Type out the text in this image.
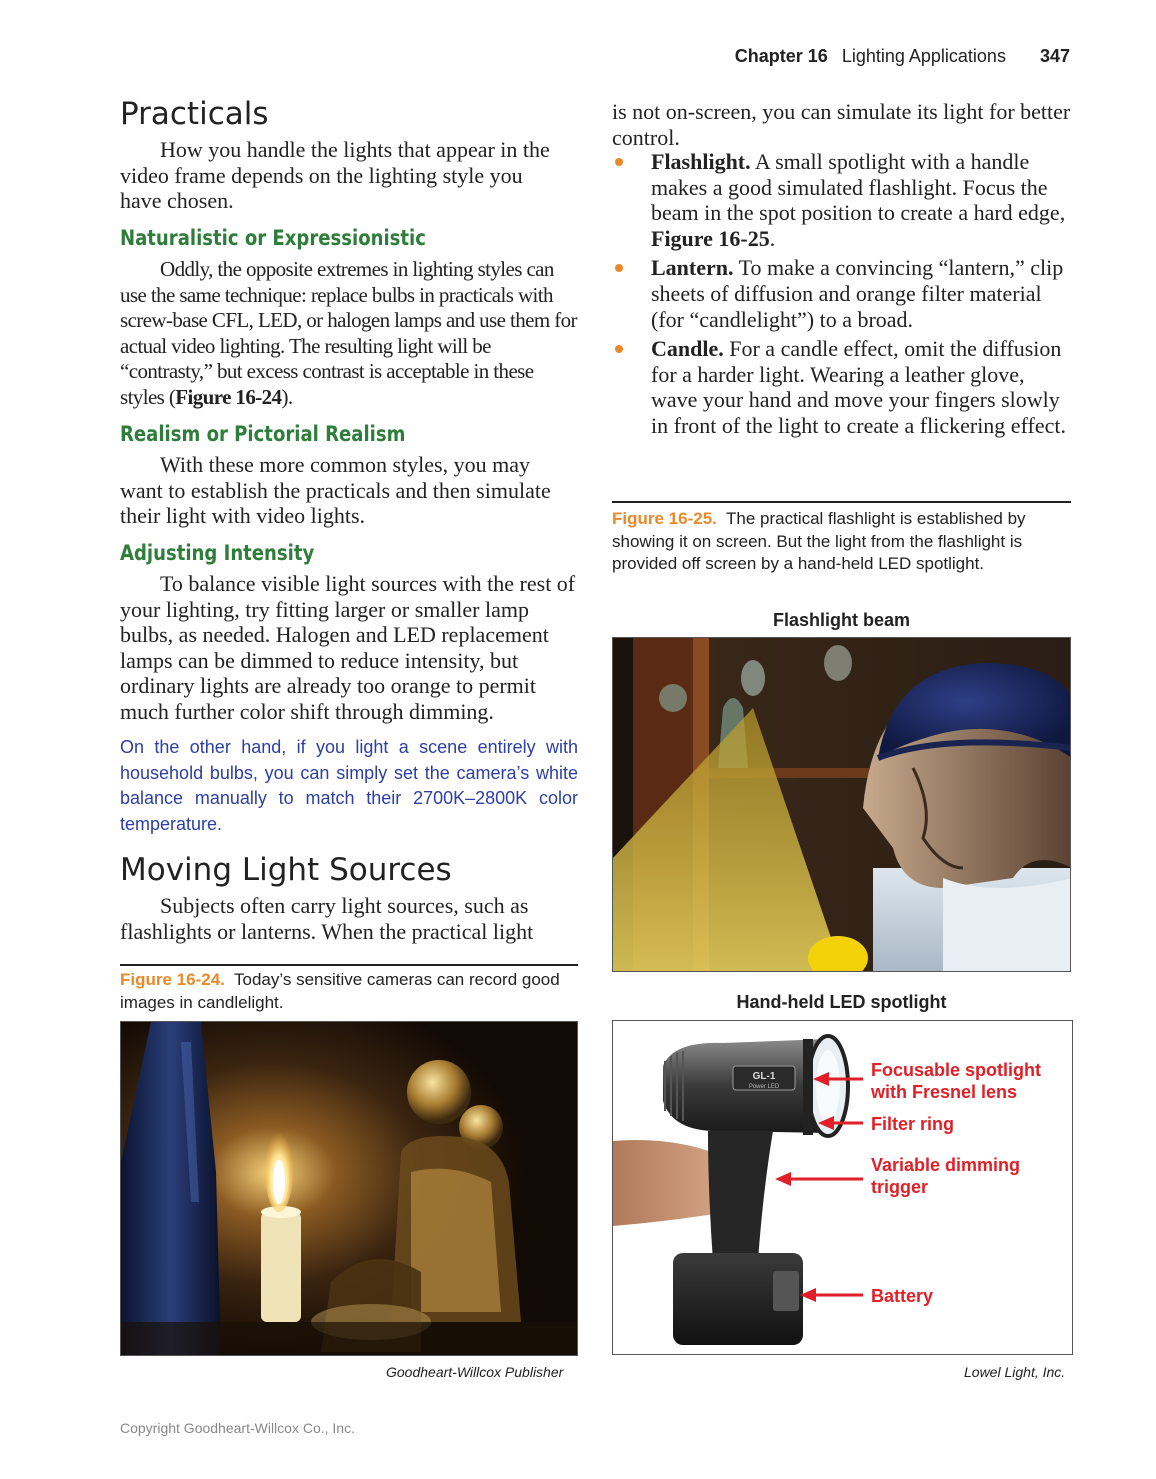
Chapter 16 Lighting Applications 347
Practicals

How you handle the lights that appear in the video frame depends on the lighting style you have chosen.

Naturalistic or Expressionistic

Oddly, the opposite extremes in lighting styles can use the same technique: replace bulbs in practicals with screw-base CFL, LED, or halogen lamps and use them for actual video lighting. The resulting light will be “contrasty,” but excess contrast is acceptable in these styles (Figure 16-24).

Realism or Pictorial Realism

With these more common styles, you may want to establish the practicals and then simulate their light with video lights.

Adjusting Intensity

To balance visible light sources with the rest of your lighting, try fitting larger or smaller lamp bulbs, as needed. Halogen and LED replacement lamps can be dimmed to reduce intensity, but ordinary lights are already too orange to permit much further color shift through dimming.

On the other hand, if you light a scene entirely with household bulbs, you can simply set the camera’s white balance manually to match their 2700K–2800K color temperature.

Moving Light Sources

Subjects often carry light sources, such as flashlights or lanterns. When the practical light

Figure 16-24. Today’s sensitive cameras can record good images in candlelight.

Goodheart-Willcox Publisher

is not on-screen, you can simulate its light for better control.

Flashlight. A small spotlight with a handle makes a good simulated flashlight. Focus the beam in the spot position to create a hard edge, Figure 16-25.
Lantern. To make a convincing “lantern,” clip sheets of diffusion and orange filter material (for “candlelight”) to a broad.
Candle. For a candle effect, omit the diffusion for a harder light. Wearing a leather glove, wave your hand and move your fingers slowly in front of the light to create a flickering effect.

Figure 16-25. The practical flashlight is established by showing it on screen. But the light from the flashlight is provided off screen by a hand-held LED spotlight.

Flashlight beam
Hand-held LED spotlight
GL-1
Power LED
Focusable spotlight with Fresnel lens
Filter ring
Variable dimming trigger
Battery
Lowel Light, Inc.
Copyright Goodheart-Willcox Co., Inc.
